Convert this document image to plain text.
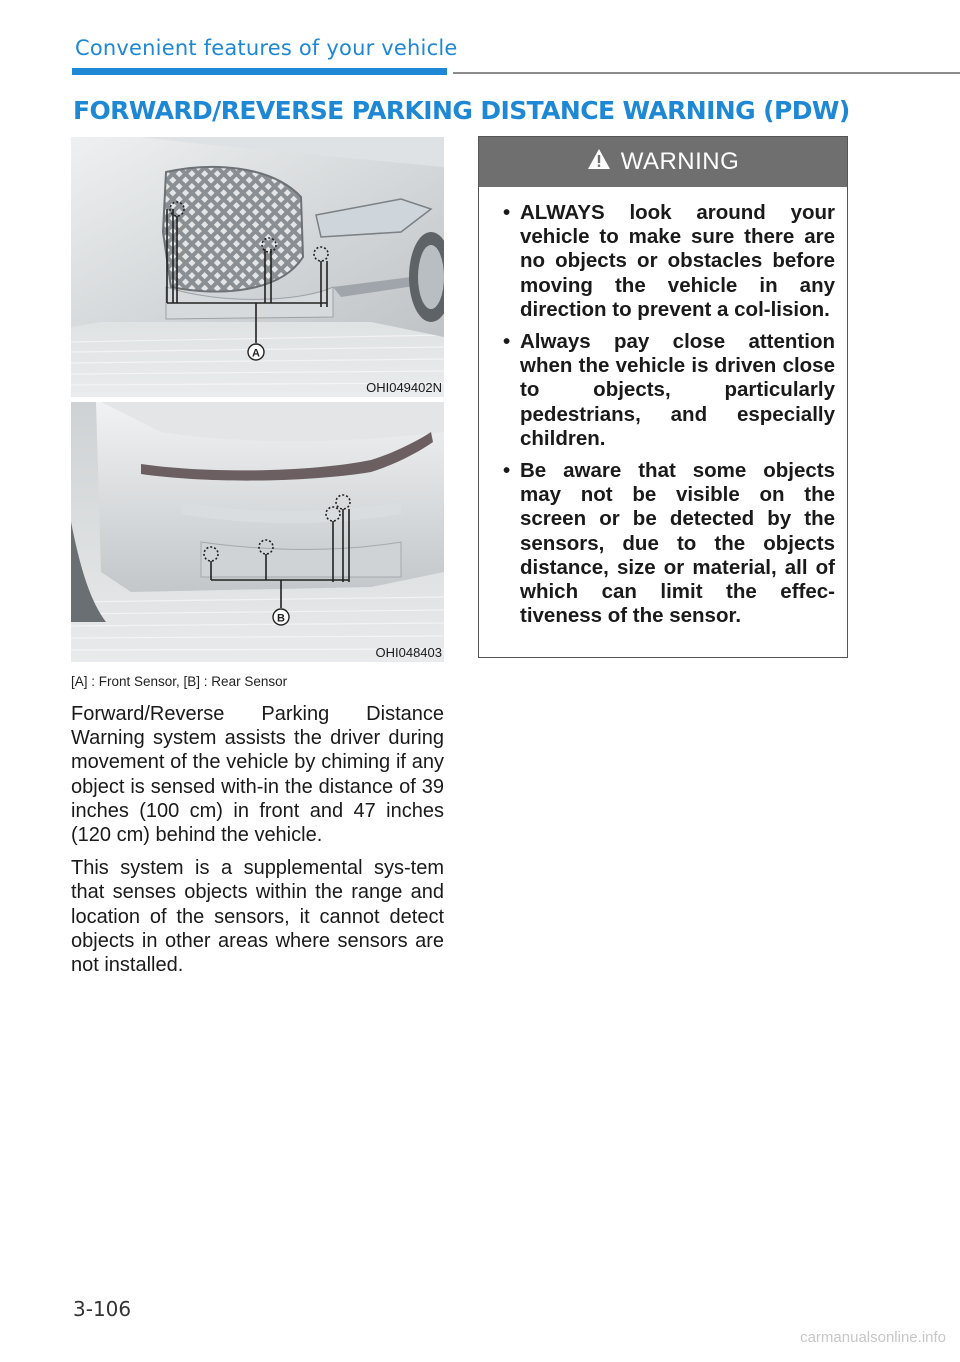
Convenient features of your vehicle
FORWARD/REVERSE PARKING DISTANCE WARNING (PDW)
A
OHI049402N
B
OHI048403
[A] : Front Sensor, [B] : Rear Sensor

Forward/Reverse Parking Distance Warning system assists the driver during movement of the vehicle by chiming if any object is sensed with-in the distance of 39 inches (100 cm) in front and 47 inches (120 cm) behind the vehicle.

This system is a supplemental sys-tem that senses objects within the range and location of the sensors, it cannot detect objects in other areas where sensors are not installed.

WARNING
• ALWAYS look around your vehicle to make sure there are no objects or obstacles before moving the vehicle in any direction to prevent a col-lision.
• Always pay close attention when the vehicle is driven close to objects, particularly pedestrians, and especially children.
• Be aware that some objects may not be visible on the screen or be detected by the sensors, due to the objects distance, size or material, all of which can limit the effec-tiveness of the sensor.
3-106
carmanualsonline.info
